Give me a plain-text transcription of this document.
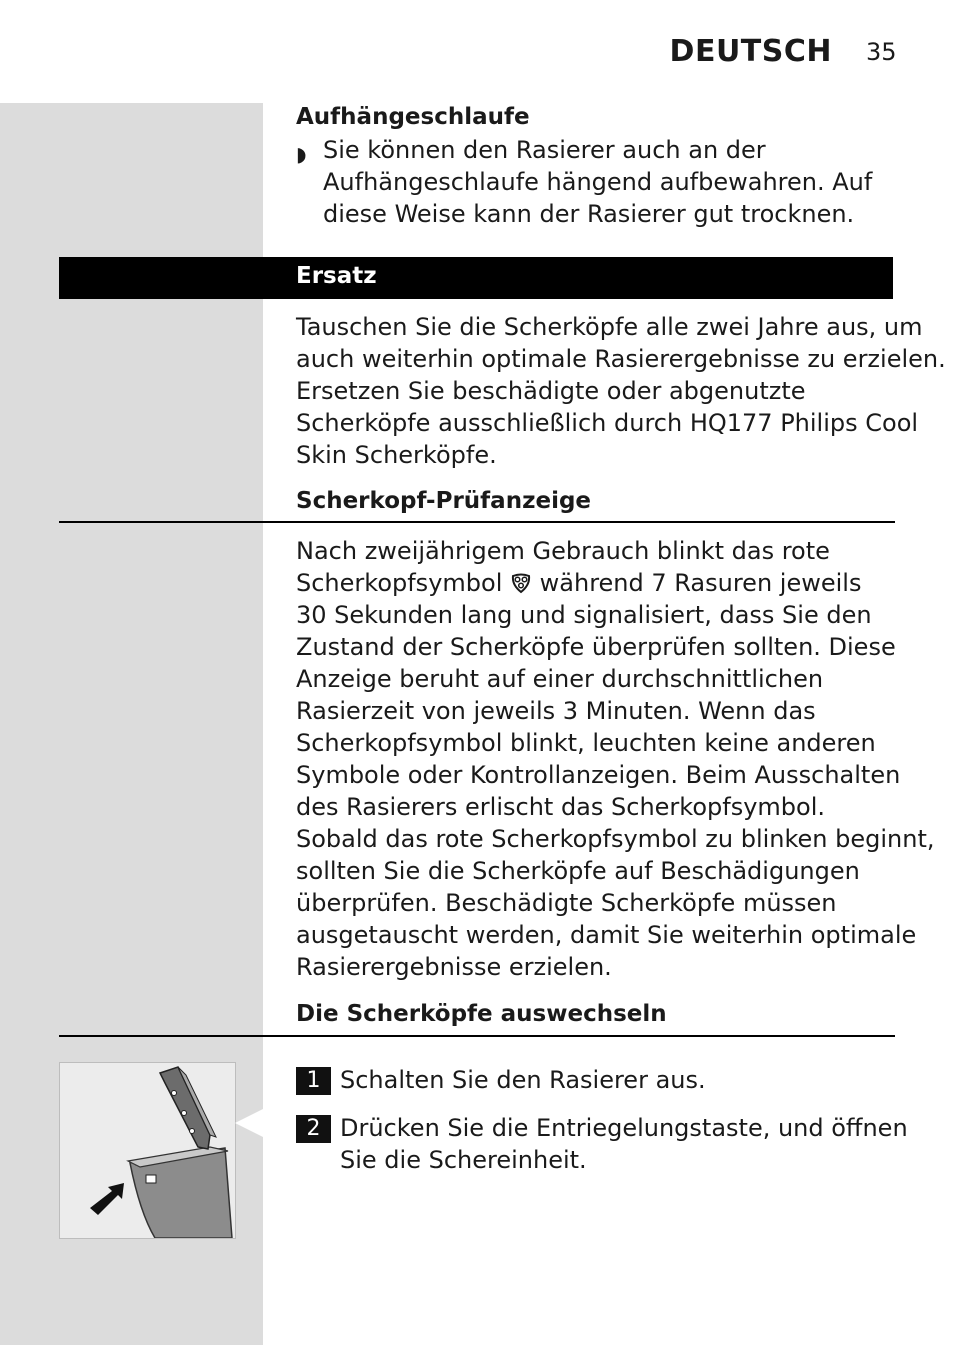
DEUTSCH 35
Aufhängeschlaufe
◗ Sie können den Rasierer auch an der
Aufhängeschlaufe hängend aufbewahren. Auf
diese Weise kann der Rasierer gut trocknen.
Ersatz
Tauschen Sie die Scherköpfe alle zwei Jahre aus, um
auch weiterhin optimale Rasierergebnisse zu erzielen.
Ersetzen Sie beschädigte oder abgenutzte
Scherköpfe ausschließlich durch HQ177 Philips Cool
Skin Scherköpfe.
Scherkopf-Prüfanzeige
Nach zweijährigem Gebrauch blinkt das rote
Scherkopfsymbol während 7 Rasuren jeweils
30 Sekunden lang und signalisiert, dass Sie den
Zustand der Scherköpfe überprüfen sollten. Diese
Anzeige beruht auf einer durchschnittlichen
Rasierzeit von jeweils 3 Minuten. Wenn das
Scherkopfsymbol blinkt, leuchten keine anderen
Symbole oder Kontrollanzeigen. Beim Ausschalten
des Rasierers erlischt das Scherkopfsymbol.
Sobald das rote Scherkopfsymbol zu blinken beginnt,
sollten Sie die Scherköpfe auf Beschädigungen
überprüfen. Beschädigte Scherköpfe müssen
ausgetauscht werden, damit Sie weiterhin optimale
Rasierergebnisse erzielen.
Die Scherköpfe auswechseln
1 Schalten Sie den Rasierer aus.
2 Drücken Sie die Entriegelungstaste, und öffnen
Sie die Schereinheit.
